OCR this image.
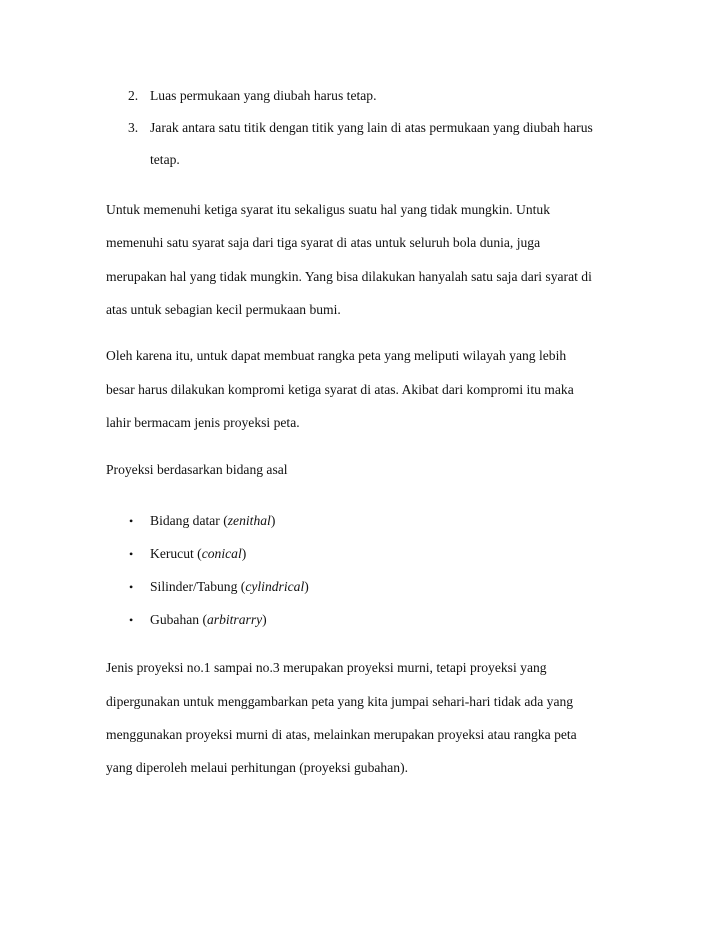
2. Luas permukaan yang diubah harus tetap.
3. Jarak antara satu titik dengan titik yang lain di atas permukaan yang diubah harus
tetap.
Untuk memenuhi ketiga syarat itu sekaligus suatu hal yang tidak mungkin. Untuk
memenuhi satu syarat saja dari tiga syarat di atas untuk seluruh bola dunia, juga
merupakan hal yang tidak mungkin. Yang bisa dilakukan hanyalah satu saja dari syarat di
atas untuk sebagian kecil permukaan bumi.
Oleh karena itu, untuk dapat membuat rangka peta yang meliputi wilayah yang lebih
besar harus dilakukan kompromi ketiga syarat di atas. Akibat dari kompromi itu maka
lahir bermacam jenis proyeksi peta.
Proyeksi berdasarkan bidang asal
• Bidang datar (zenithal)
• Kerucut (conical)
• Silinder/Tabung (cylindrical)
• Gubahan (arbitrarry)
Jenis proyeksi no.1 sampai no.3 merupakan proyeksi murni, tetapi proyeksi yang
dipergunakan untuk menggambarkan peta yang kita jumpai sehari-hari tidak ada yang
menggunakan proyeksi murni di atas, melainkan merupakan proyeksi atau rangka peta
yang diperoleh melaui perhitungan (proyeksi gubahan).
